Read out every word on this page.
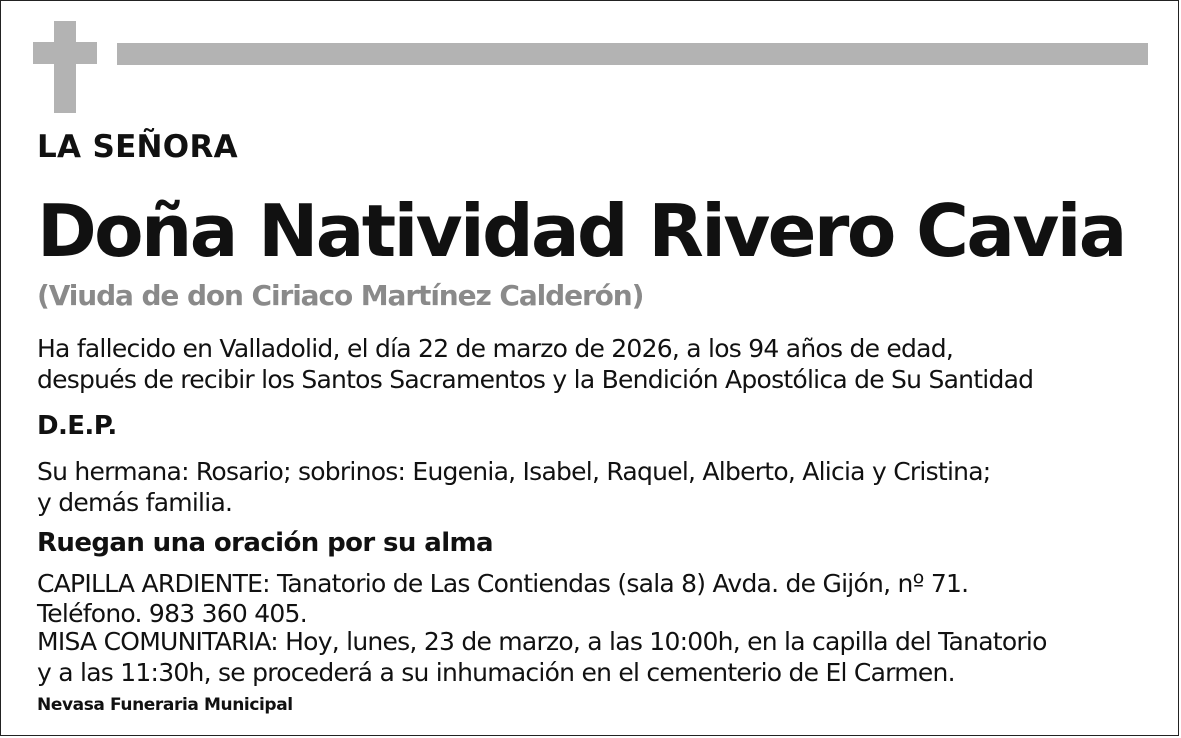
LA SEÑORA

Doña Natividad Rivero Cavia

(Viuda de don Ciriaco Martínez Calderón)

Ha fallecido en Valladolid, el día 22 de marzo de 2026, a los 94 años de edad,

después de recibir los Santos Sacramentos y la Bendición Apostólica de Su Santidad

D.E.P.

Su hermana: Rosario; sobrinos: Eugenia, Isabel, Raquel, Alberto, Alicia y Cristina;

y demás familia.

Ruegan una oración por su alma

CAPILLA ARDIENTE: Tanatorio de Las Contiendas (sala 8) Avda. de Gijón, nº 71.

Teléfono. 983 360 405.

MISA COMUNITARIA: Hoy, lunes, 23 de marzo, a las 10:00h, en la capilla del Tanatorio

y a las 11:30h, se procederá a su inhumación en el cementerio de El Carmen.

Nevasa Funeraria Municipal
